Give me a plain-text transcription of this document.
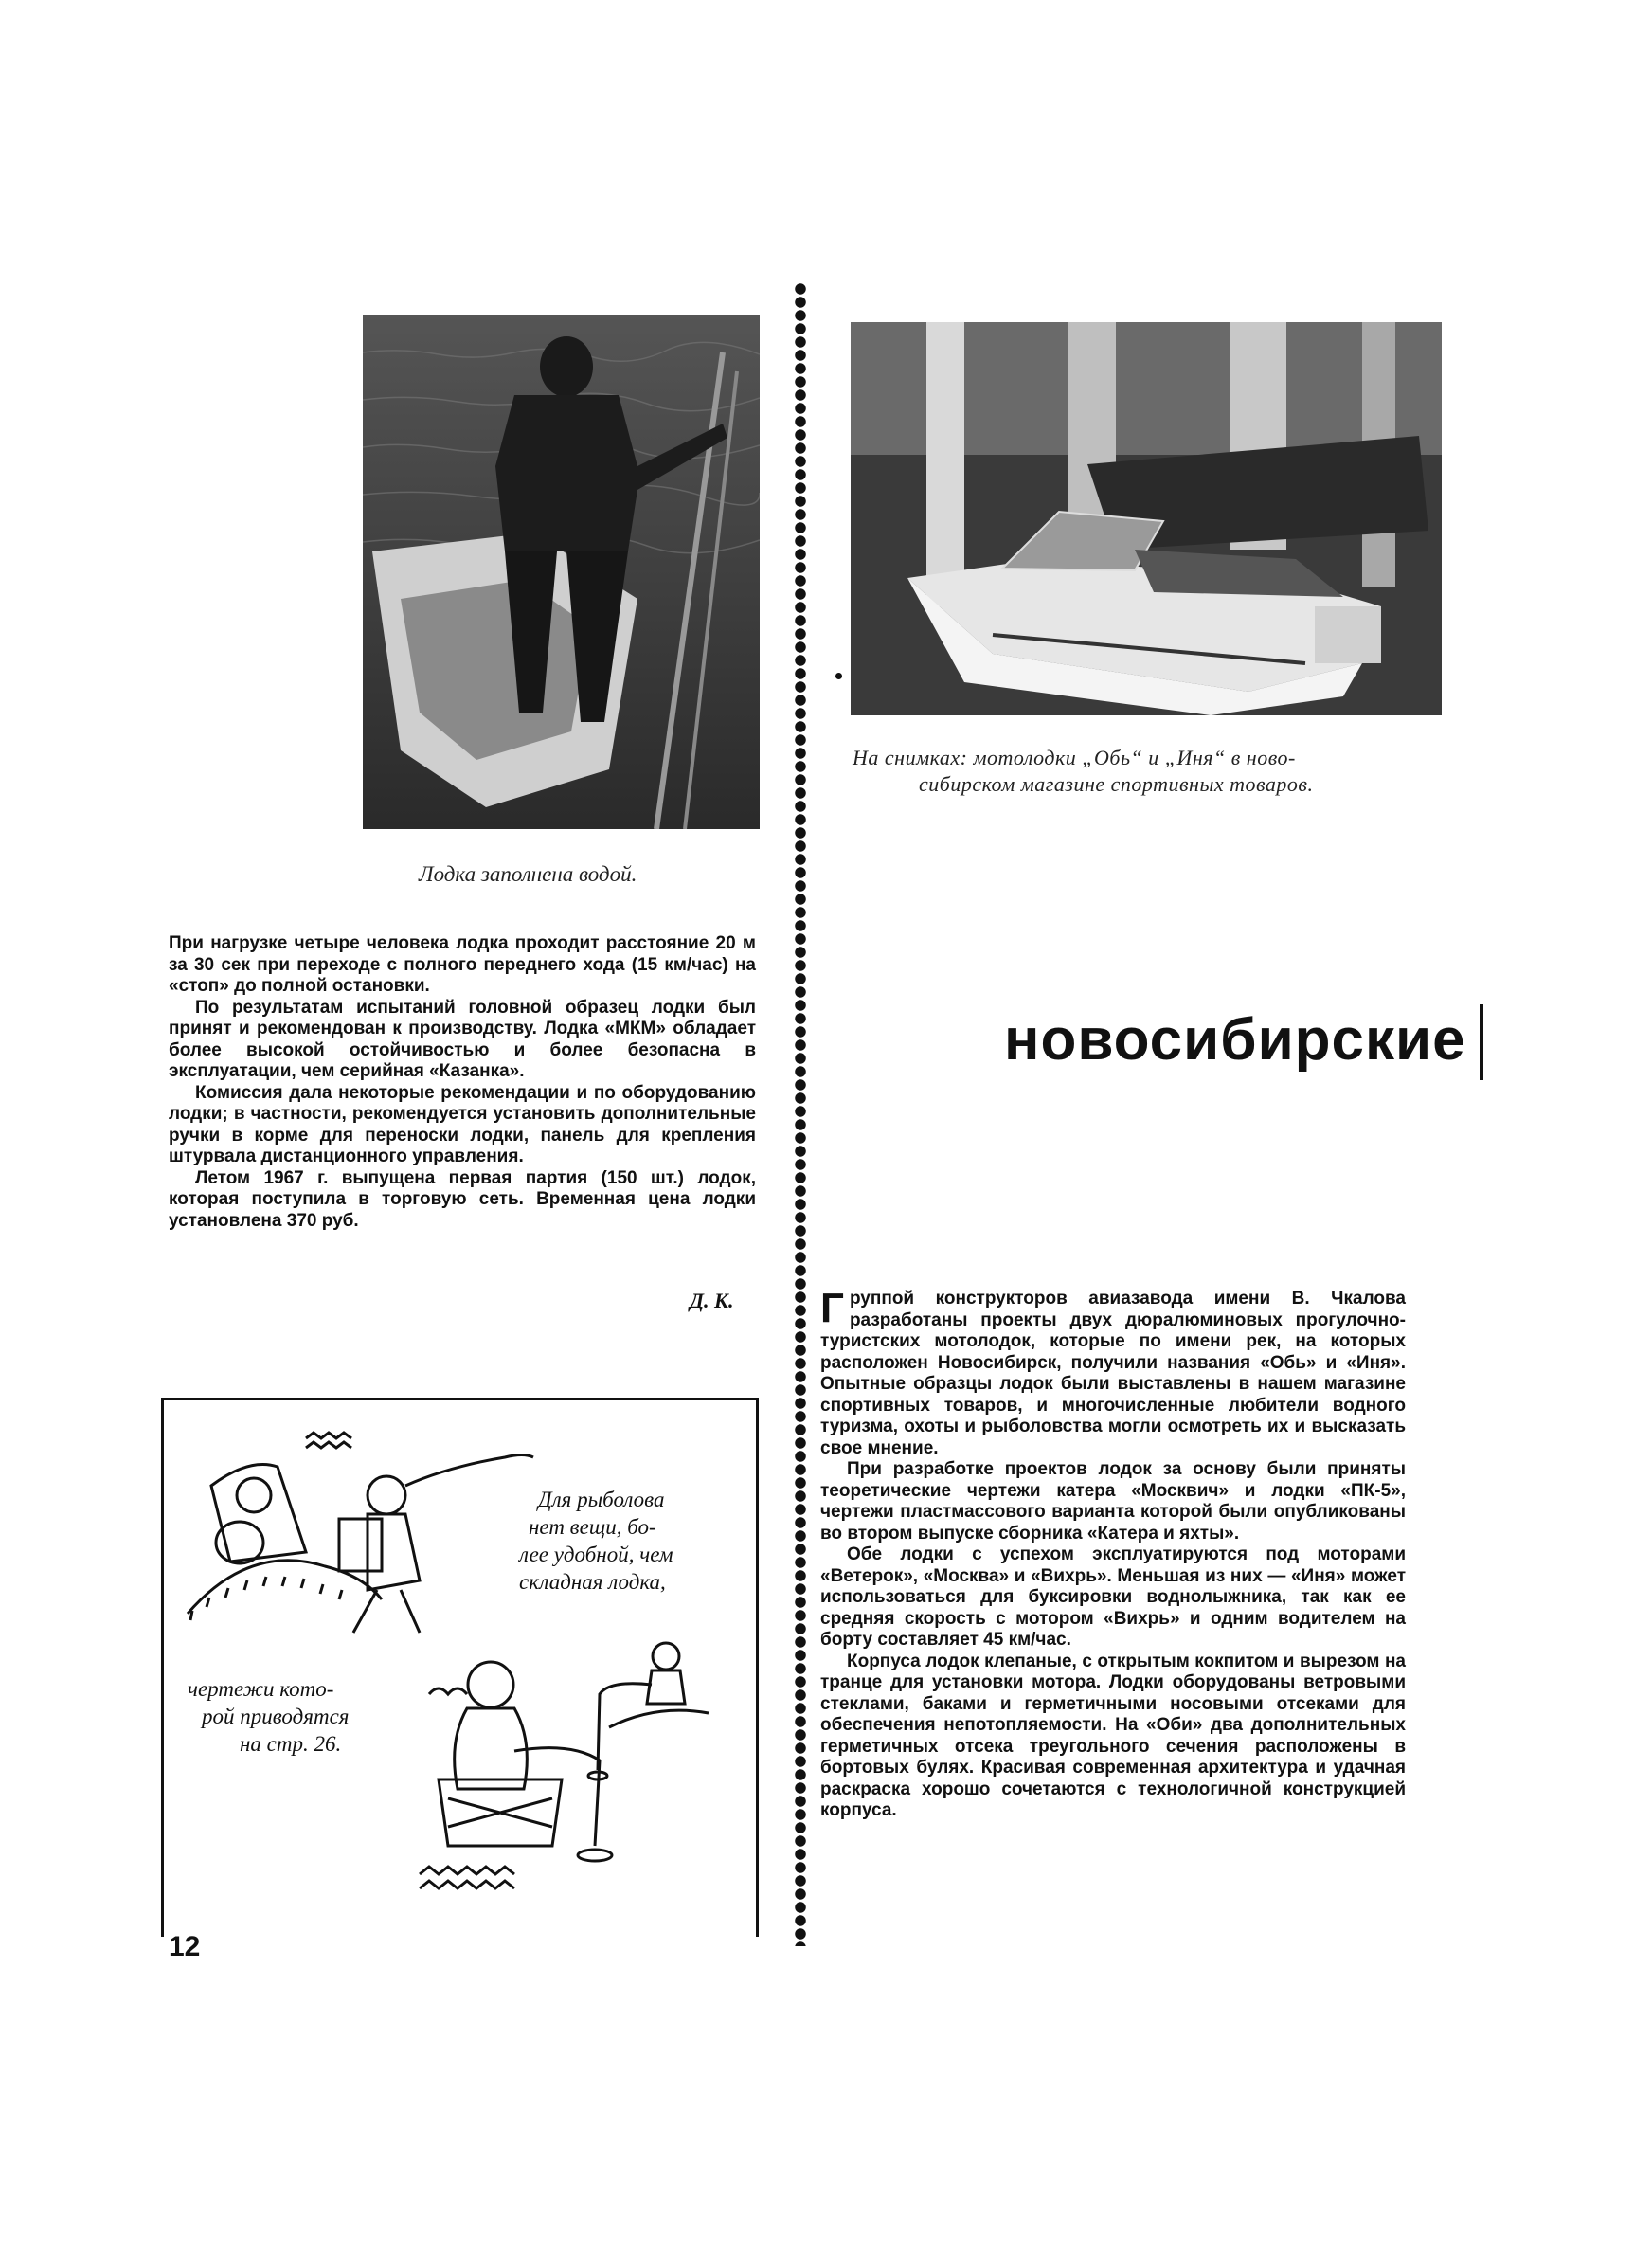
Лодка заполнена водой.
На снимках: мотолодки „Обь“ и „Иня“ в ново-
сибирском магазине спортивных товаров.

При нагрузке четыре человека лодка проходит расстояние 20 м за 30 сек при переходе с полного переднего хода (15 км/час) на «стоп» до полной остановки.

По результатам испытаний головной образец лодки был принят и рекомендован к производству. Лодка «МКМ» обладает более высокой остойчивостью и более безопасна в эксплуатации, чем серийная «Казанка».

Комиссия дала некоторые рекомендации и по оборудованию лодки; в частности, рекомендуется установить дополнительные ручки в корме для переноски лодки, панель для крепления штурвала дистанционного управления.

Летом 1967 г. выпущена первая партия (150 шт.) лодок, которая поступила в торговую сеть. Временная цена лодки установлена 370 руб.

Д. К.
Для рыболова
нет вещи, бо-
лее удобной, чем
складная лодка,
чертежи кото-
рой приводятся
на стр. 26.
12
новосибирские

Группой конструкторов авиазавода имени В. Чкалова разработаны проекты двух дюралюминовых прогулочно-туристских мотолодок, которые по имени рек, на которых расположен Новосибирск, получили названия «Обь» и «Иня». Опытные образцы лодок были выставлены в нашем магазине спортивных товаров, и многочисленные любители водного туризма, охоты и рыболовства могли осмотреть их и высказать свое мнение.

При разработке проектов лодок за основу были приняты теоретические чертежи катера «Москвич» и лодки «ПК-5», чертежи пластмассового варианта которой были опубликованы во втором выпуске сборника «Катера и яхты».

Обе лодки с успехом эксплуатируются под моторами «Ветерок», «Москва» и «Вихрь». Меньшая из них — «Иня» может использоваться для буксировки воднолыжника, так как ее средняя скорость с мотором «Вихрь» и одним водителем на борту составляет 45 км/час.

Корпуса лодок клепаные, с открытым кокпитом и вырезом на транце для установки мотора. Лодки оборудованы ветровыми стеклами, баками и герметичными носовыми отсеками для обеспечения непотопляемости. На «Оби» два дополнительных герметичных отсека треугольного сечения расположены в бортовых булях. Красивая современная архитектура и удачная раскраска хорошо сочетаются с технологичной конструкцией корпуса.
